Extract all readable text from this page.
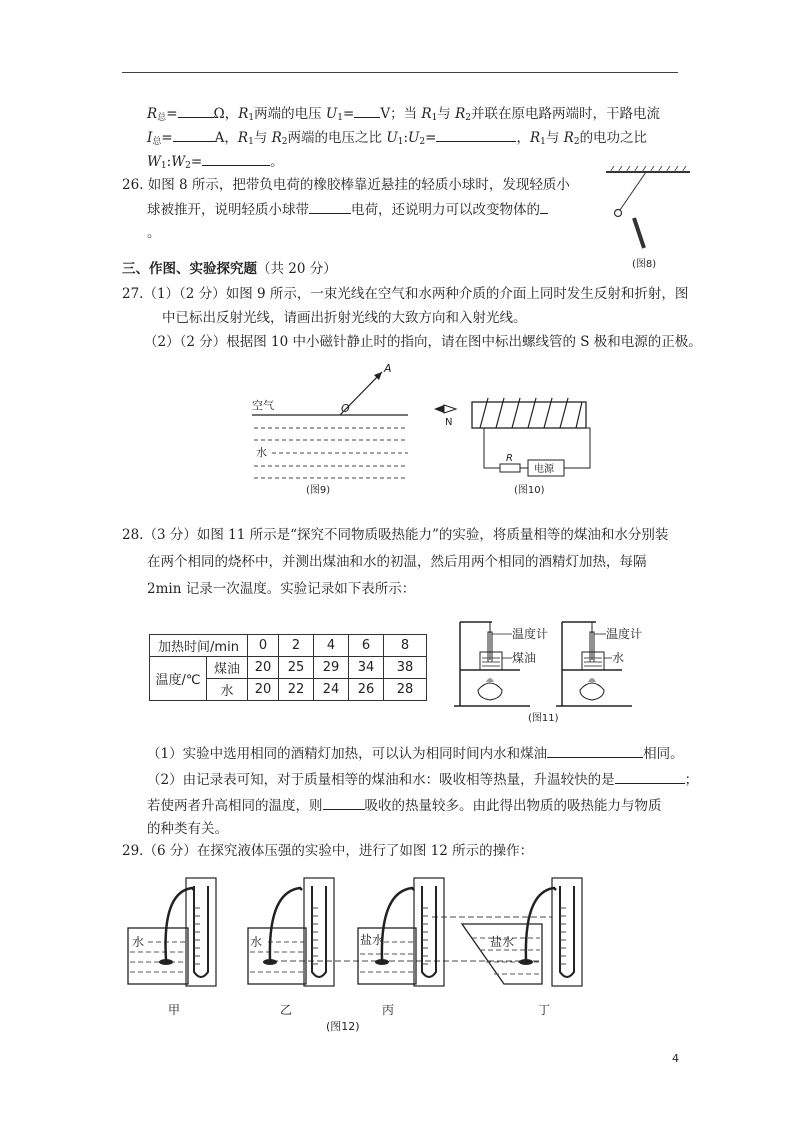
$R_总=$	Ω，$R_1$两端的电压 $U_1= V$；当 $R_1$与 $R_2$并联在原电路两端时，干路电流
$I_总=$	A，$R_1$与 $R_2$两端的电压之比 $U_1:U_2=$	，$R_1$与 $R_2$的电功之比
$W_1:W_2=$	。
26. 如图 8 所示，把带负电荷的橡胶棒靠近悬挂的轻质小球时，发现轻质小
球被推开，说明轻质小球带	电荷，还说明力可以改变物体的
。
(图8)
三、作图、实验探究题（共 20 分）
27.（1）（2 分）如图 9 所示，一束光线在空气和水两种介质的介面上同时发生反射和折射，图
中已标出反射光线，请画出折射光线的大致方向和入射光线。
（2）（2 分）根据图 10 中小磁针静止时的指向，请在图中标出螺线管的 S 极和电源的正极。
空气
A
O
水
(图9)
N
R
电源
(图10)
28.（3 分）如图 11 所示是“探究不同物质吸热能力”的实验，将质量相等的煤油和水分别装
在两个相同的烧杯中，并测出煤油和水的初温，然后用两个相同的酒精灯加热，每隔
2min 记录一次温度。实验记录如下表所示：
加热时间/min		0	2	4	6	8
温度/℃	煤油	20	25	29	34	38
	水	20	22	24	26	28
温度计
煤油
温度计
水
(图11)
（1）实验中选用相同的酒精灯加热，可以认为相同时间内水和煤油	相同。
（2）由记录表可知，对于质量相等的煤油和水：吸收相等热量，升温较快的是	；
若使两者升高相同的温度，则	吸收的热量较多。由此得出物质的吸热能力与物质
的种类有关。
29.（6 分）在探究液体压强的实验中，进行了如图 12 所示的操作：
水
甲
水
乙
盐水
丙
盐水
丁
(图12)
4
